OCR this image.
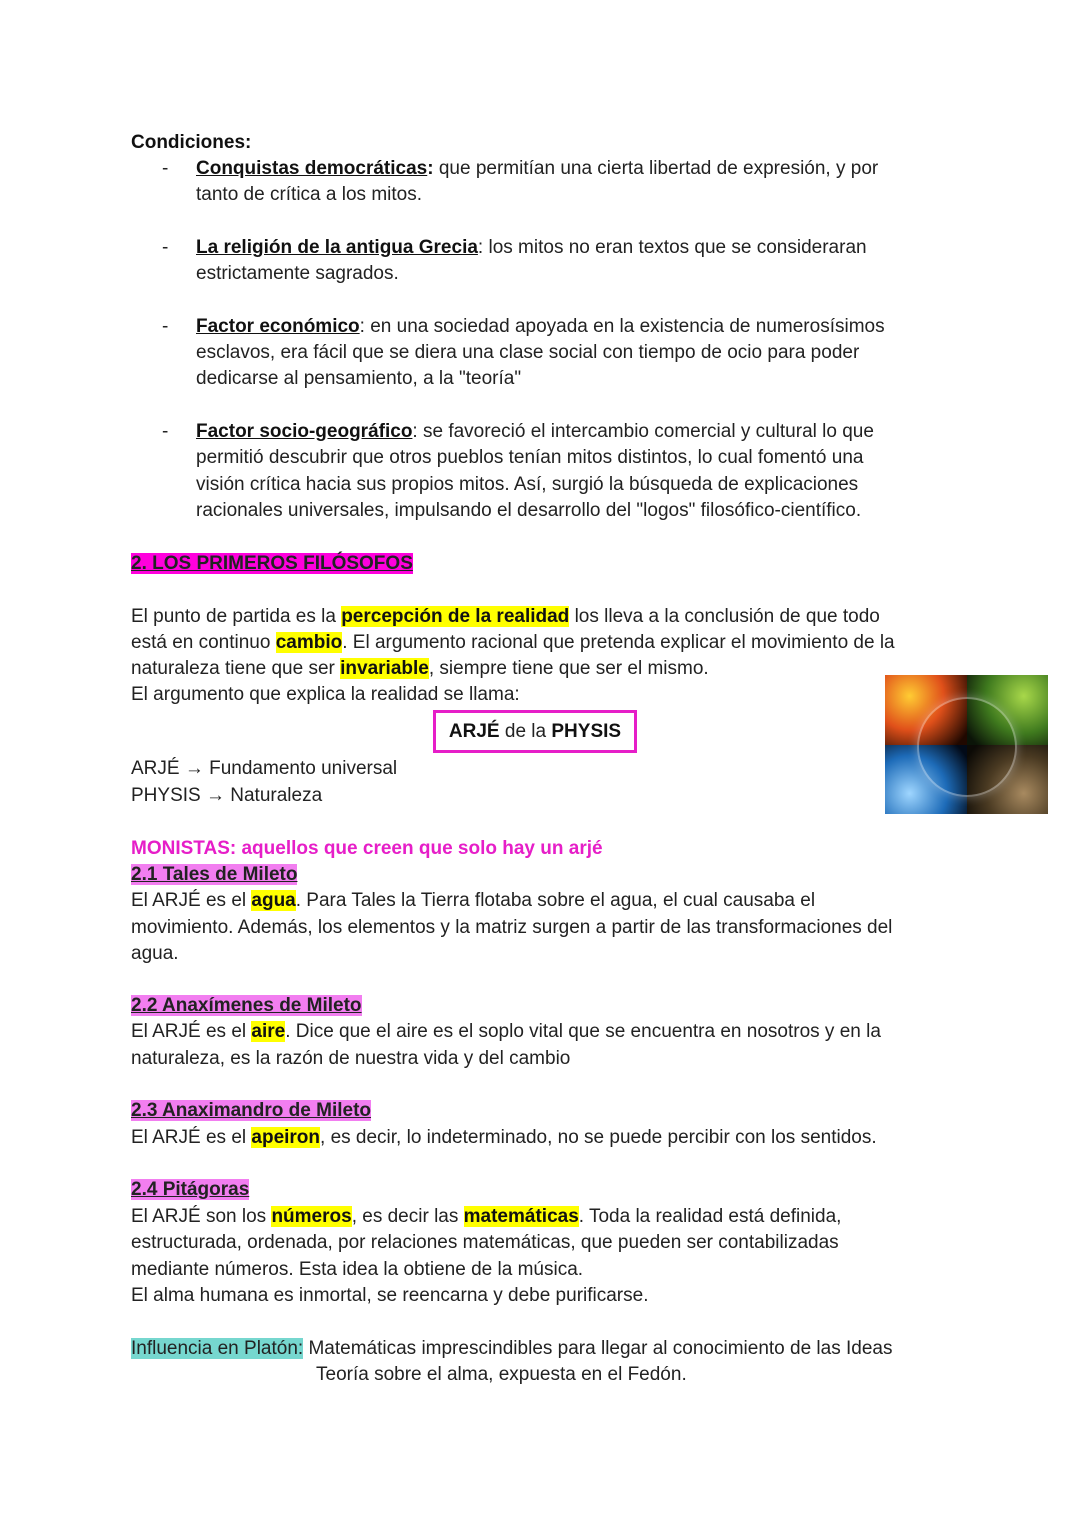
Condiciones:
- Conquistas democráticas: que permitían una cierta libertad de expresión, y por
tanto de crítica a los mitos.
- La religión de la antigua Grecia: los mitos no eran textos que se consideraran
estrictamente sagrados.
- Factor económico: en una sociedad apoyada en la existencia de numerosísimos
esclavos, era fácil que se diera una clase social con tiempo de ocio para poder
dedicarse al pensamiento, a la "teoría"
- Factor socio-geográfico: se favoreció el intercambio comercial y cultural lo que
permitió descubrir que otros pueblos tenían mitos distintos, lo cual fomentó una
visión crítica hacia sus propios mitos. Así, surgió la búsqueda de explicaciones
racionales universales, impulsando el desarrollo del "logos" filosófico-científico.
2. LOS PRIMEROS FILÓSOFOS
El punto de partida es la percepción de la realidad los lleva a la conclusión de que todo
está en continuo cambio. El argumento racional que pretenda explicar el movimiento de la
naturaleza tiene que ser invariable, siempre tiene que ser el mismo.
El argumento que explica la realidad se llama:
ARJÉ de la PHYSIS
ARJÉ → Fundamento universal
PHYSIS → Naturaleza
MONISTAS: aquellos que creen que solo hay un arjé
2.1 Tales de Mileto
El ARJÉ es el agua. Para Tales la Tierra flotaba sobre el agua, el cual causaba el
movimiento. Además, los elementos y la matriz surgen a partir de las transformaciones del
agua.
2.2 Anaxímenes de Mileto
El ARJÉ es el aire. Dice que el aire es el soplo vital que se encuentra en nosotros y en la
naturaleza, es la razón de nuestra vida y del cambio
2.3 Anaximandro de Mileto
El ARJÉ es el apeiron, es decir, lo indeterminado, no se puede percibir con los sentidos.
2.4 Pitágoras
El ARJÉ son los números, es decir las matemáticas. Toda la realidad está definida,
estructurada, ordenada, por relaciones matemáticas, que pueden ser contabilizadas
mediante números. Esta idea la obtiene de la música.
El alma humana es inmortal, se reencarna y debe purificarse.
Influencia en Platón: Matemáticas imprescindibles para llegar al conocimiento de las Ideas
Teoría sobre el alma, expuesta en el Fedón.
